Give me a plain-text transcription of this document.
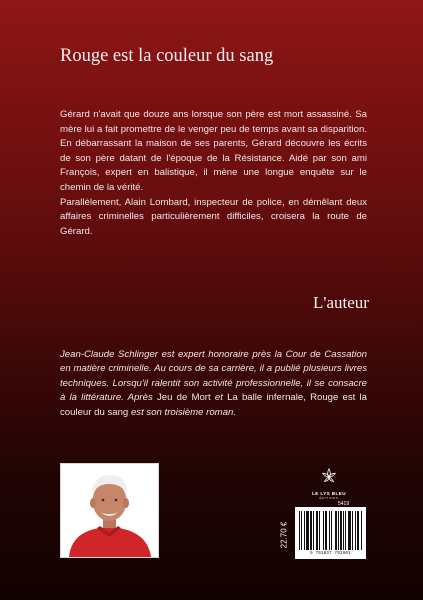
Rouge est la couleur du sang

Gérard n'avait que douze ans lorsque son père est mort assassiné. Sa mère lui a fait promettre de le venger peu de temps avant sa disparition. En débarrassant la maison de ses parents, Gérard découvre les écrits de son père datant de l'époque de la Résistance. Aidé par son ami François, expert en balistique, il mène une longue enquête sur le chemin de la vérité.

Parallèlement, Alain Lombard, inspecteur de police, en démêlant deux affaires criminelles particulièrement difficiles, croisera la route de Gérard.

L'auteur

Jean-Claude Schlinger est expert honoraire près la Cour de Cassation en matière criminelle. Au cours de sa carrière, il a publié plusieurs livres techniques. Lorsqu'il ralentit son activité professionnelle, il se consacre à la littérature. Après Jeu de Mort et La balle infernale, Rouge est la couleur du sang est son troisième roman.

LE LYS BLEU
ÉDITIONS
5419
22.70 €
9 791037 792601
